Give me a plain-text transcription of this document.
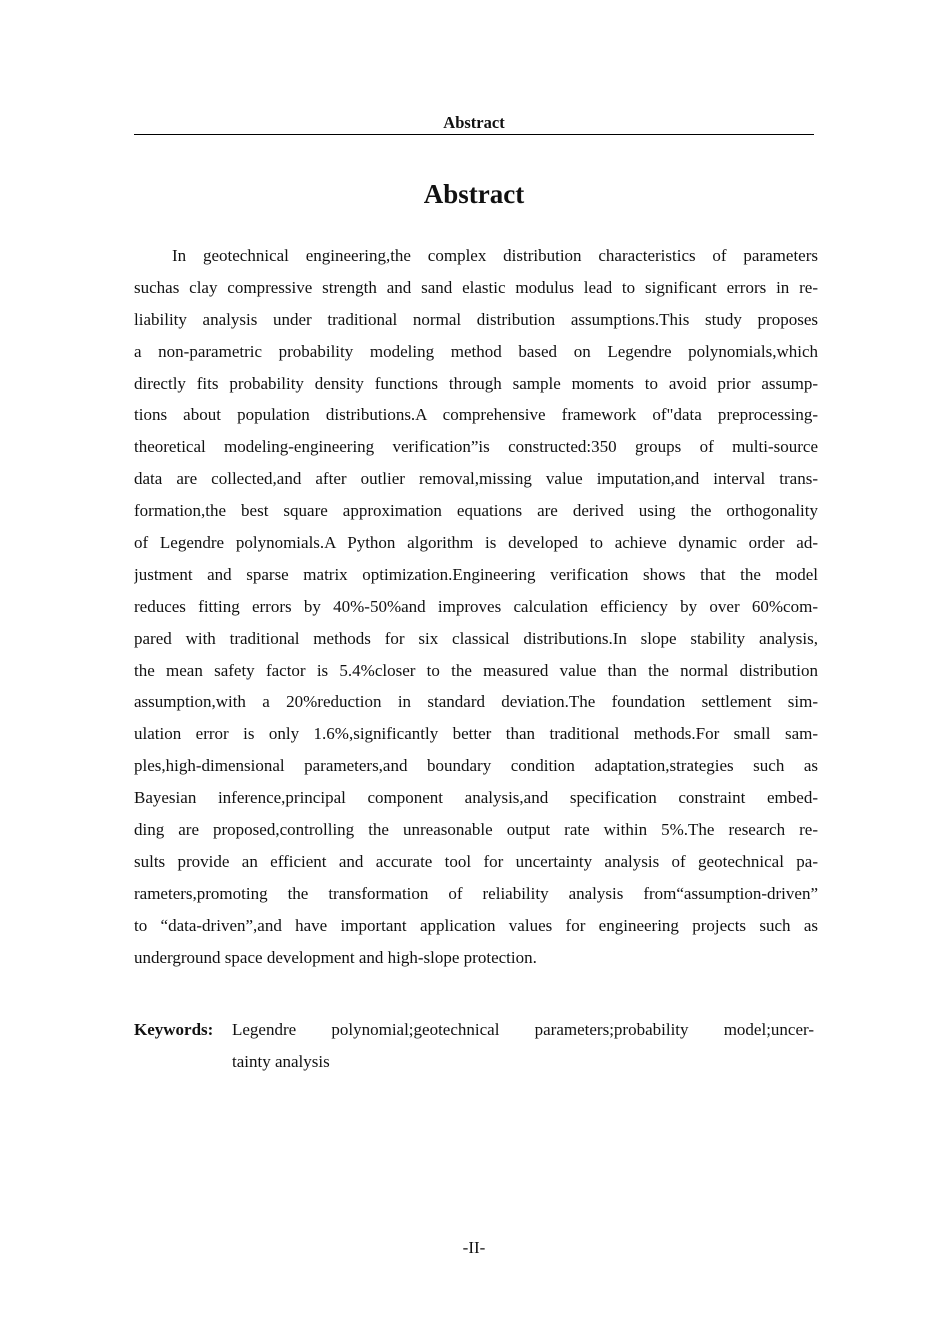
Abstract
Abstract
In geotechnical engineering,the complex distribution characteristics of parameters
suchas clay compressive strength and sand elastic modulus lead to significant errors in re-
liability analysis under traditional normal distribution assumptions.This study proposes
a non-parametric probability modeling method based on Legendre polynomials,which
directly fits probability density functions through sample moments to avoid prior assump-
tions about population distributions.A comprehensive framework of"data preprocessing-
theoretical modeling-engineering verification”is constructed:350 groups of multi-source
data are collected,and after outlier removal,missing value imputation,and interval trans-
formation,the best square approximation equations are derived using the orthogonality
of Legendre polynomials.A Python algorithm is developed to achieve dynamic order ad-
justment and sparse matrix optimization.Engineering verification shows that the model
reduces fitting errors by 40%-50%and improves calculation efficiency by over 60%com-
pared with traditional methods for six classical distributions.In slope stability analysis,
the mean safety factor is 5.4%closer to the measured value than the normal distribution
assumption,with a 20%reduction in standard deviation.The foundation settlement sim-
ulation error is only 1.6%,significantly better than traditional methods.For small sam-
ples,high-dimensional parameters,and boundary condition adaptation,strategies such as
Bayesian inference,principal component analysis,and specification constraint embed-
ding are proposed,controlling the unreasonable output rate within 5%.The research re-
sults provide an efficient and accurate tool for uncertainty analysis of geotechnical pa-
rameters,promoting the transformation of reliability analysis from“assumption-driven”
to “data-driven”,and have important application values for engineering projects such as
underground space development and high-slope protection.
Keywords: Legendre polynomial;geotechnical parameters;probability model;uncer-
tainty analysis
-II-
